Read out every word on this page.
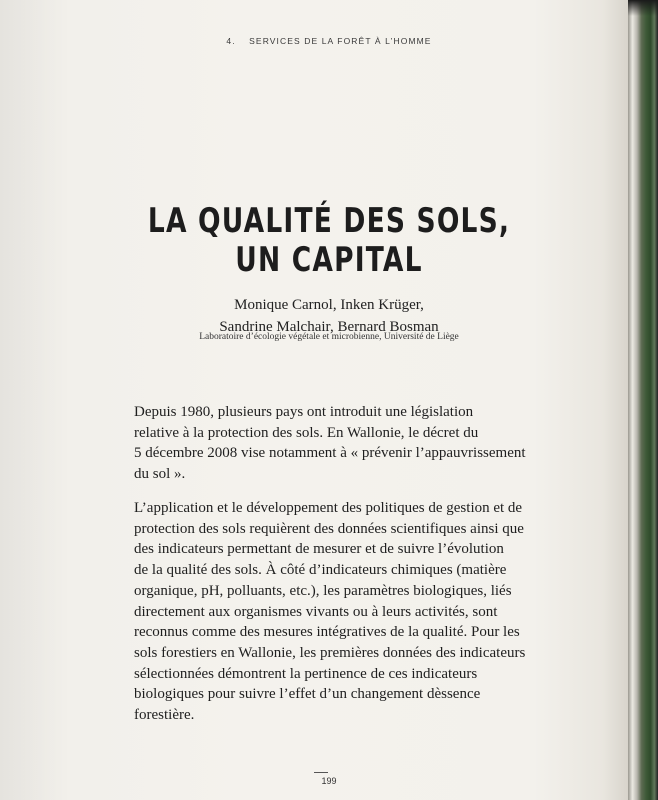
4. SERVICES DE LA FORÊT À L’HOMME
LA QUALITÉ DES SOLS,
UN CAPITAL
Monique Carnol, Inken Krüger,
Sandrine Malchair, Bernard Bosman
Laboratoire d’écologie végétale et microbienne, Université de Liège

Depuis 1980, plusieurs pays ont introduit une législation
relative à la protection des sols. En Wallonie, le décret du
5 décembre 2008 vise notamment à « prévenir l’appauvrissement
du sol ».

L’application et le développement des politiques de gestion et de
protection des sols requièrent des données scientifiques ainsi que
des indicateurs permettant de mesurer et de suivre l’évolution
de la qualité des sols. À côté d’indicateurs chimiques (matière
organique, pH, polluants, etc.), les paramètres biologiques, liés
directement aux organismes vivants ou à leurs activités, sont
reconnus comme des mesures intégratives de la qualité. Pour les
sols forestiers en Wallonie, les premières données des indicateurs
sélectionnées démontrent la pertinence de ces indicateurs
biologiques pour suivre l’effet d’un changement dèssence
forestière.

199
